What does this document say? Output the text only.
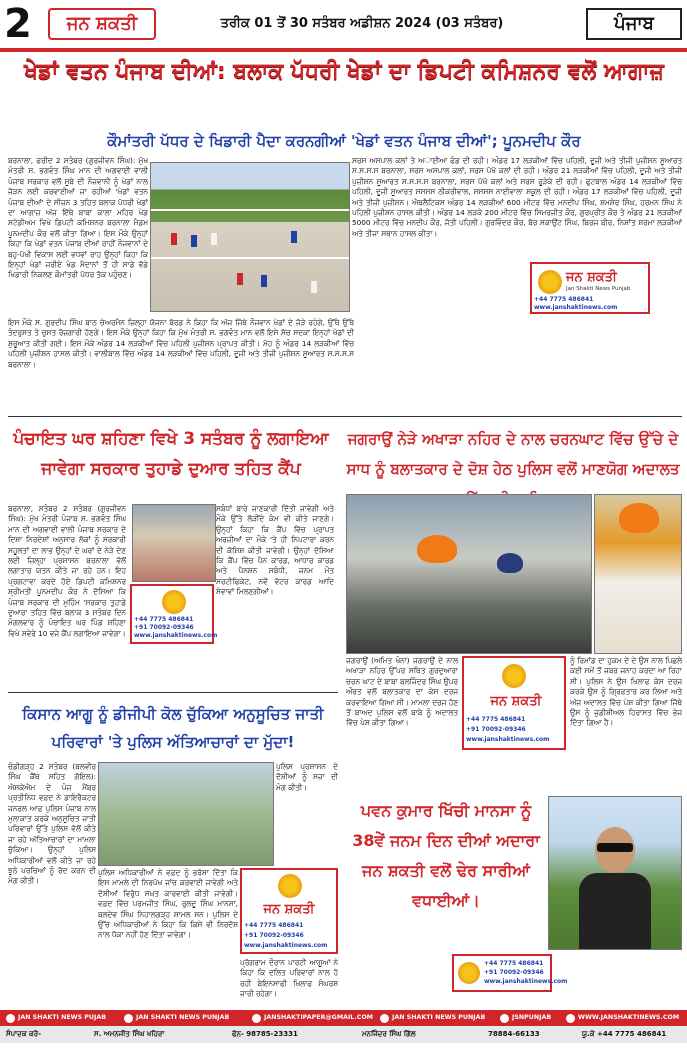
2	ਜਨ ਸ਼ਕਤੀ	ਤਰੀਕ 01 ਤੋਂ 30 ਸਤੰਬਰ ਅਡੀਸ਼ਨ 2024 (03 ਸਤੰਬਰ)	ਪੰਜਾਬ
ਖੇਡਾਂ ਵਤਨ ਪੰਜਾਬ ਦੀਆਂ: ਬਲਾਕ ਪੱਧਰੀ ਖੇਡਾਂ ਦਾ ਡਿਪਟੀ ਕਮਿਸ਼ਨਰ ਵਲੋਂ ਆਗਾਜ਼
ਕੌਮਾਂਤਰੀ ਪੱਧਰ ਦੇ ਖਿਡਾਰੀ ਪੈਦਾ ਕਰਨਗੀਆਂ 'ਖੇਡਾਂ ਵਤਨ ਪੰਜਾਬ ਦੀਆਂ'; ਪੂਨਮਦੀਪ ਕੌਰ
ਬਰਨਾਲਾ, ਫਰੀਦ 2 ਸਤੰਬਰ (ਗੁਰਜੀਵਨ ਸਿੰਘ): ਮੁੱਖ ਮੰਤਰੀ ਸ. ਭਗਵੰਤ ਸਿੰਘ ਮਾਨ ਦੀ ਅਗਵਾਈ ਵਾਲੀ ਪੰਜਾਬ ਸਰਕਾਰ ਵਲੋਂ ਸੂਬੇ ਦੀ ਨੌਜਵਾਨੀ ਨੂੰ ਖੇਡਾਂ ਨਾਲ ਜੋੜਨ ਲਈ ਕਰਵਾਈਆਂ ਜਾ ਰਹੀਆਂ 'ਖੇਡਾਂ ਵਤਨ ਪੰਜਾਬ ਦੀਆਂ' ਦੇ ਸੀਜ਼ਨ 3 ਤਹਿਤ ਬਲਾਕ ਪੱਧਰੀ ਖੇਡਾਂ ਦਾ ਆਗਾਜ਼ ਅੱਜ ਇੱਥੇ ਬਾਬਾ ਕਾਲਾ ਮਹਿਰ ਖੇਡ ਸਟੇਡੀਅਮ ਵਿਖੇ ਡਿਪਟੀ ਕਮਿਸ਼ਨਰ ਬਰਨਾਲਾ ਮੈਡਮ ਪੂਨਮਦੀਪ ਕੌਰ ਵਲੋਂ ਕੀਤਾ ਗਿਆ। ਇਸ ਮੌਕੇ ਉਨ੍ਹਾਂ ਕਿਹਾ ਕਿ ਖੇਡਾਂ ਵਤਨ ਪੰਜਾਬ ਦੀਆਂ ਰਾਹੀਂ ਨੌਜਵਾਨਾਂ ਦੇ ਬਹੁ-ਪੱਖੀ ਵਿਕਾਸ ਲਈ ਵਧਵਾਂ ਰਾਹ ਉਨ੍ਹਾਂ ਕਿਹਾ ਕਿ ਇਨ੍ਹਾਂ ਖੇਡਾਂ ਜਰੀਏ ਖੇਡ ਮੈਦਾਨਾਂ ਤੋਂ ਹੀ ਸਾਡੇ ਵੱਡੇ ਖਿਡਾਰੀ ਨਿਕਲਣ ਕੌਮਾਂਤਰੀ ਪੱਧਰ ਤੱਕ ਪਹੁੰਚਣ।
ਇਸ ਮੌਕੇ ਸ. ਗੁਰਦੀਪ ਸਿੰਘ ਬਾਠ ਚੇਅਰਮੈਨ ਜ਼ਿਲ੍ਹਾ ਯੋਜਨਾ ਬੋਰਡ ਨੇ ਕਿਹਾ ਕਿ ਅੱਜ ਜਿੱਥੇ ਨੌਜਵਾਨ ਖੇਡਾਂ ਦੇ ਜੋੜੇ ਰਹੇਗੇ, ਉੱਥੇ ਉੱਥੇ ਤੰਦਰੁਸਤ ਤੇ ਚੁਸਤ ਰੋਜ਼ਗਾਰੀ ਹੋਣਗੇ। ਇਸ ਮੌਕੇ ਉਨ੍ਹਾਂ ਕਿਹਾ ਕਿ ਮੁੱਖ ਮੰਤਰੀ ਸ. ਭਗਵੰਤ ਮਾਨ ਵਲੋਂ ਇਸੇ ਸੋਚ ਸਦਕਾ ਇਨ੍ਹਾਂ ਖੇਡਾਂ ਦੀ ਸ਼ੁਰੂਆਤ ਕੀਤੀ ਗਈ। ਇਸ ਮੌਕੇ ਅੰਡਰ 14 ਲੜਕੀਆਂ ਵਿੱਚ ਪਹਿਲੀ ਪੁਜ਼ੀਸ਼ਨ ਪ੍ਰਾਪਤ ਕੀਤੀ। ਮੋਹ ਨੂੰ ਅੰਡਰ 14 ਲੜਕੀਆਂ ਵਿੱਚ ਪਹਿਲੀ ਪੁਜ਼ੀਸ਼ਨ ਹਾਸਲ ਕੀਤੀ। ਵਾਲੀਬਾਲ ਵਿੱਚ ਅੰਡਰ 14 ਲੜਕੀਆਂ ਵਿੱਚ ਪਹਿਲੀ, ਦੂਜੀ ਅਤੇ ਤੀਜੀ ਪੁਜ਼ੀਸ਼ਨ ਸੂਆਰਤ ਸ.ਸ.ਸ.ਸ ਬਰਨਾਲਾ।
ਸਰਸ ਅਸਪਾਲ ਕਲਾਂ ਤੇ ਅਾਈਆ ਫੰਡ ਦੀ ਰਹੀ। ਅੰਡਰ 17 ਲੜਕੀਆਂ ਵਿੱਚ ਪਹਿਲੀ, ਦੂਜੀ ਅਤੇ ਤੀਜੀ ਪੁਜ਼ੀਸ਼ਨ ਸੂਆਰਤ ਸ.ਸ.ਸ.ਸ ਬਰਨਾਲਾ, ਸਰਸ ਅਸਪਾਲ ਕਲਾਂ, ਸਰਸ ਪੱਖੋ ਕਲਾਂ ਦੀ ਰਹੀ। ਅੰਡਰ 21 ਲੜਕੀਆਂ ਵਿੱਚ ਪਹਿਲੀ, ਦੂਜੀ ਅਤੇ ਤੀਜੀ ਪੁਜ਼ੀਸ਼ਨ ਸੂਆਰਤ ਸ.ਸ.ਸ.ਸ ਬਰਨਾਲਾ, ਸਰਸ ਪੱਖੋ ਕਲਾਂ ਅਤੇ ਸਰਸ ਰੂੜੇਕੇ ਦੀ ਰਹੀ। ਫੁਟਬਾਲ ਅੰਡਰ 14 ਲੜਕੀਆਂ ਵਿੱਚ ਪਹਿਲੀ, ਦੂਜੀ ਸੂਆਰਤ ਸਸਸਸ ਠੀਕਰੀਵਾਲ, ਸਸਸਸ ਨਾਈਵਾਲਾ ਸਕੂਲ ਦੀ ਰਹੀ। ਅੰਡਰ 17 ਲੜਕੀਆਂ ਵਿੱਚ ਪਹਿਲੀ, ਦੂਜੀ ਅਤੇ ਤੀਜੀ ਪੁਜ਼ੀਸ਼ਨ। ਐਥਲੈਟਿਕਸ ਅੰਡਰ 14 ਲੜਕੀਆਂ 600 ਮੀਟਰ ਵਿੱਚ ਮਨਦੀਪ ਸਿੰਘ, ਸ਼ਮਸ਼ੇਰ ਸਿੰਘ, ਹਰਮਨ ਸਿੰਘ ਨੇ ਪਹਿਲੀ ਪੁਜ਼ੀਸ਼ਨ ਹਾਸਲ ਕੀਤੀ। ਅੰਡਰ 14 ਲੜਕੇ 200 ਮੀਟਰ ਵਿੱਚ ਸਿਮਰਜੀਤ ਕੌਰ, ਗੁਰਪ੍ਰੀਤ ਕੌਰ ਤੇ ਅੰਡਰ 21 ਲੜਕੀਆਂ 5000 ਮੀਟਰ ਵਿੱਚ ਮਨਦੀਪ ਕੌਰ, ਜੋਤੀ ਪਹਿਲੀ। ਗੁਰਵਿੰਦਰ ਕੌਰ, ਬੋਰ ਸਕਾਉਂਟ ਸਿੰਘ, ਬਿਰਜ ਬੀਰ, ਨਿਸ਼ਾਂਤ ਸ਼ਰਮਾ ਲੜਕੀਆਂ ਅਤੇ ਤੀਜਾ ਸਥਾਨ ਹਾਸਲ ਕੀਤਾ।
ਜਨ ਸ਼ਕਤੀ
Jan Shakti News Punjab
+44 7775 486841
www.janshaktinews.com
ਪੰਚਾਇਤ ਘਰ ਸ਼ਹਿਣਾ ਵਿਖੇ 3 ਸਤੰਬਰ ਨੂੰ ਲਗਾਇਆ ਜਾਵੇਗਾ ਸਰਕਾਰ ਤੁਹਾਡੇ ਦੁਆਰ ਤਹਿਤ ਕੈਂਪ
ਬਰਨਾਲਾ, ਸਤੰਬਰ 2 ਸਤੰਬਰ (ਗੁਰਜੀਵਨ ਸਿੰਘ): ਮੁੱਖ ਮੰਤਰੀ ਪੰਜਾਬ ਸ. ਭਗਵੰਤ ਸਿੰਘ ਮਾਨ ਦੀ ਅਗਵਾਈ ਵਾਲੀ ਪੰਜਾਬ ਸਰਕਾਰ ਦੇ ਦਿਸ਼ਾ ਨਿਰਦੇਸ਼ਾਂ ਅਨੁਸਾਰ ਲੋਕਾਂ ਨੂੰ ਸਰਕਾਰੀ ਸਹੂਲਤਾਂ ਦਾ ਲਾਭ ਉਨ੍ਹਾਂ ਦੇ ਘਰਾਂ ਦੇ ਨੇੜੇ ਦੇਣ ਲਈ ਜ਼ਿਲ੍ਹਾ ਪ੍ਰਸ਼ਾਸਨ ਬਰਨਾਲਾ ਵੱਲੋਂ ਲਗਾਤਾਰ ਯਤਨ ਕੀਤੇ ਜਾ ਰਹੇ ਹਨ। ਇਹ ਪ੍ਰਗਟਾਵਾ ਕਰਦੇ ਹੋਏ ਡਿਪਟੀ ਕਮਿਸ਼ਨਰ ਸ਼੍ਰੀਮਤੀ ਪੂਨਮਦੀਪ ਕੌਰ ਨੇ ਦੱਸਿਆ ਕਿ ਪੰਜਾਬ ਸਰਕਾਰ ਦੀ ਮੁਹਿੰਮ 'ਸਰਕਾਰ ਤੁਹਾਡੇ ਦੁਆਰ' ਤਹਿਤ ਵਿੱਚ ਬਲਾਕ 3 ਸਤੰਬਰ ਦਿਨ ਮੰਗਲਵਾਰ ਨੂੰ ਪੰਚਾਇਤ ਘਰ ਪਿੰਡ ਸ਼ਹਿਣਾ ਵਿਖੇ ਸਵੇਰੇ 10 ਵਜੇ ਕੈਂਪ ਲਗਾਇਆ ਜਾਵੇਗਾ।
+44 7775 486841
+91 70092-09346
www.janshaktinews.com
ਸਬੰਧਾਂ ਬਾਰੇ ਜਾਣਕਾਰੀ ਦਿੱਤੀ ਜਾਵੇਗੀ ਅਤੇ ਮੌਕੇ ਉੱਤੇ ਲੋੜੀਂਦੇ ਕੰਮ ਵੀ ਕੀਤੇ ਜਾਣਗੇ। ਉਨ੍ਹਾਂ ਕਿਹਾ ਕਿ ਕੈਂਪ ਵਿੱਚ ਪ੍ਰਾਪਤ ਅਰਜ਼ੀਆਂ ਦਾ ਮੌਕੇ 'ਤੇ ਹੀ ਨਿਪਟਾਰਾ ਕਰਨ ਦੀ ਕੋਸ਼ਿਸ਼ ਕੀਤੀ ਜਾਵੇਗੀ। ਉਨ੍ਹਾਂ ਦੱਸਿਆ ਕਿ ਕੈਂਪ ਵਿੱਚ ਪੈਨ ਕਾਰਡ, ਆਧਾਰ ਕਾਰਡ ਅਤੇ ਪੈਨਸ਼ਨ ਸਬੰਧੀ, ਜਨਮ ਮੌਤ ਸਰਟੀਫਿਕੇਟ, ਨਵੇਂ ਵੋਟਰ ਕਾਰਡ ਆਦਿ ਸੇਵਾਵਾਂ ਮਿਲਣਗੀਆਂ।
ਜਗਰਾਉਂ ਨੇੜੇ ਅਖਾੜਾ ਨਹਿਰ ਦੇ ਨਾਲ ਚਰਨਘਾਟ ਵਿੱਚ ਉੱਚੇ ਦੇ ਸਾਧ ਨੂੰ ਬਲਾਤਕਾਰ ਦੇ ਦੋਸ਼ ਹੇਠ ਪੁਲਿਸ ਵਲੋਂ ਮਾਣਯੋਗ ਅਦਾਲਤ
ਜਗਰਾਉਂ (ਅਮਿਤ ਖੰਨਾ) ਜਗਰਾਉਂ ਦੇ ਨਾਲ ਅਖਾੜਾ ਨਹਿਰ ਉੱਪਰ ਸਥਿਤ ਗੁਰਦੁਆਰਾ ਚਰਨ ਘਾਟ ਦੇ ਬਾਬਾ ਬਲਜਿੰਦਰ ਸਿੰਘ ਉਪਰ ਔਰਤ ਵਲੋਂ ਬਲਾਤਕਾਰ ਦਾ ਕੇਸ ਦਰਜ ਕਰਵਾਇਆ ਗਿਆ ਸੀ। ਮਾਮਲਾ ਦਰਜ ਹੋਣ ਤੋਂ ਬਾਅਦ ਪੁਲਿਸ ਵਲੋਂ ਬਾਬੇ ਨੂੰ ਅਦਾਲਤ ਵਿੱਚ ਪੇਸ਼ ਕੀਤਾ ਗਿਆ।
ਜਨ ਸ਼ਕਤੀ
+44 7775 486841
+91 70092-09346
www.janshaktinews.com
ਨੂੰ ਰਿਮਾਂਡ ਦਾ ਹੁਕਮ ਦੇ ਦੇ ਉਸ ਨਾਲ ਪਿਛਲੇ ਕਈ ਸਮੇਂ ਤੋਂ ਜਬਰ ਜਨਾਹ ਕਰਦਾ ਆ ਰਿਹਾ ਸੀ। ਪੁਲਿਸ ਨੇ ਉਸ ਖਿਲਾਫ ਕੇਸ ਦਰਜ ਕਰਕੇ ਉਸ ਨੂੰ ਗ੍ਰਿਫਤਾਰ ਕਰ ਲਿਆ ਅਤੇ ਅੱਜ ਅਦਾਲਤ ਵਿੱਚ ਪੇਸ਼ ਕੀਤਾ ਗਿਆ ਜਿੱਥੇ ਉਸ ਨੂੰ ਜੁਡੀਸ਼ੀਅਲ ਹਿਰਾਸਤ ਵਿੱਚ ਭੇਜ ਦਿੱਤਾ ਗਿਆ ਹੈ।
ਕਿਸਾਨ ਆਗੂ ਨੂੰ ਡੀਜੀਪੀ ਕੋਲ ਚੁੱਕਿਆ ਅਨੁਸੂਚਿਤ ਜਾਤੀ ਪਰਿਵਾਰਾਂ 'ਤੇ ਪੁਲਿਸ ਅੱਤਿਆਚਾਰਾਂ ਦਾ ਮੁੱਦਾ!
ਚੰਡੀਗੜ੍ਹ 2 ਸਤੰਬਰ (ਬਲਵੀਰ ਸਿੰਘ ਕੈਂਥ ਸਹਿਤ ਗੋਇਲ): ਐਸਕੇਐਮ ਦੇ ਪੰਜ ਮੈਂਬਰ ਪ੍ਰਤੀਨਿਧ ਵਫ਼ਦ ਨੇ ਡਾਇਰੈਕਟਰ ਜਨਰਲ ਆਫ਼ ਪੁਲਿਸ ਪੰਜਾਬ ਨਾਲ ਮੁਲਾਕਾਤ ਕਰਕੇ ਅਨੁਸੂਚਿਤ ਜਾਤੀ ਪਰਿਵਾਰਾਂ ਉੱਤੇ ਪੁਲਿਸ ਵੱਲੋਂ ਕੀਤੇ ਜਾ ਰਹੇ ਅੱਤਿਆਚਾਰਾਂ ਦਾ ਮਾਮਲਾ ਚੁੱਕਿਆ। ਉਨ੍ਹਾਂ ਪੁਲਿਸ ਅਧਿਕਾਰੀਆਂ ਵਲੋਂ ਕੀਤੇ ਜਾ ਰਹੇ ਝੂਠੇ ਪਰਚਿਆਂ ਨੂੰ ਰੱਦ ਕਰਨ ਦੀ ਮੰਗ ਕੀਤੀ।
ਪੁਲਿਸ ਪ੍ਰਸ਼ਾਸਨ ਦੇ ਦੋਸ਼ੀਆਂ ਨੂੰ ਸਜ਼ਾ ਦੀ ਮੰਗ ਕੀਤੀ।
ਪੁਲਿਸ ਅਧਿਕਾਰੀਆਂ ਨੇ ਵਫ਼ਦ ਨੂੰ ਭਰੋਸਾ ਦਿੱਤਾ ਕਿ ਇਸ ਮਾਮਲੇ ਦੀ ਨਿਰਪੱਖ ਜਾਂਚ ਕਰਵਾਈ ਜਾਵੇਗੀ ਅਤੇ ਦੋਸ਼ੀਆਂ ਵਿਰੁੱਧ ਸਖ਼ਤ ਕਾਰਵਾਈ ਕੀਤੀ ਜਾਵੇਗੀ। ਵਫ਼ਦ ਵਿੱਚ ਪਰਮਜੀਤ ਸਿੰਘ, ਰੁਲਦੂ ਸਿੰਘ ਮਾਨਸਾ, ਬਲਦੇਵ ਸਿੰਘ ਨਿਹਾਲਗੜ੍ਹ ਸ਼ਾਮਲ ਸਨ। ਪੁਲਿਸ ਦੇ ਉੱਚ ਅਧਿਕਾਰੀਆਂ ਨੇ ਕਿਹਾ ਕਿ ਕਿਸੇ ਵੀ ਨਿਰਦੋਸ਼ ਨਾਲ ਧੱਕਾ ਨਹੀਂ ਹੋਣ ਦਿੱਤਾ ਜਾਵੇਗਾ।
ਜਨ ਸ਼ਕਤੀ
+44 7775 486841
+91 70092-09346
www.janshaktinews.com
ਪ੍ਰੋਗਰਾਮ ਦੌਰਾਨ ਪਾਰਟੀ ਆਗੂਆਂ ਨੇ ਕਿਹਾ ਕਿ ਦਲਿਤ ਪਰਿਵਾਰਾਂ ਨਾਲ ਹੋ ਰਹੀ ਬੇਇਨਸਾਫੀ ਖਿਲਾਫ ਸੰਘਰਸ਼ ਜਾਰੀ ਰਹੇਗਾ।
ਪਵਨ ਕੁਮਾਰ ਖਿੱਚੀ ਮਾਨਸਾ ਨੂੰ 38ਵੇਂ ਜਨਮ ਦਿਨ ਦੀਆਂ ਅਦਾਰਾ ਜਨ ਸ਼ਕਤੀ ਵਲੋਂ ਢੇਰ ਸਾਰੀਆਂ ਵਧਾਈਆਂ।
+44 7775 486841
+91 70092-09346
www.janshaktinews.com
JAN SHAKTI NEWS PUJAB	JAN SHAKTI NEWS PUNJAB	JANSHAKTIPAPER@GMAIL.COM	JAN SHAKTI NEWS PUNJAB	JSNPUNJAB	WWW.JANSHAKTINEWS.COM
ਸੰਪਾਦਕ ਕਰੋ-	ਸ. ਅਮਨਜੀਤ ਸਿੰਘ ਖਹਿਰਾ	ਫੋਨ- 98785-23331	ਮਨਜਿੰਦਰ ਸਿੰਘ ਗਿੱਲ	78884-66133	ਯੂ.ਕੇ +44 7775 486841
